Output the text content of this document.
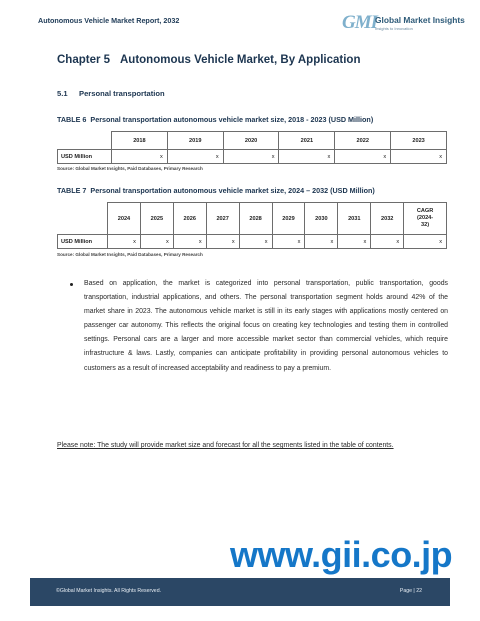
Autonomous Vehicle Market Report, 2032	GMI
Global Market Insights
Insights to Innovation
Chapter 5 Autonomous Vehicle Market, By Application
5.1 Personal transportation
TABLE 6 Personal transportation autonomous vehicle market size, 2018 - 2023 (USD Million)
	2018	2019	2020	2021	2022	2023
USD Million	x	x	x	x	x	x
Source: Global Market Insights, Paid Databases, Primary Research
TABLE 7 Personal transportation autonomous vehicle market size, 2024 – 2032 (USD Million)
	2024	2025	2026	2027	2028	2029	2030	2031	2032	CAGR
(2024-
32)
USD Million	x	x	x	x	x	x	x	x	x	x
Source: Global Market Insights, Paid Databases, Primary Research

Based on application, the market is categorized into personal transportation, public transportation, goods transportation, industrial applications, and others. The personal transportation segment holds around 42% of the market share in 2023. The autonomous vehicle market is still in its early stages with applications mostly centered on passenger car autonomy. This reflects the original focus on creating key technologies and testing them in controlled settings. Personal cars are a larger and more accessible market sector than commercial vehicles, which require infrastructure & laws. Lastly, companies can anticipate profitability in providing personal autonomous vehicles to customers as a result of increased acceptability and readiness to pay a premium.

Please note: The study will provide market size and forecast for all the segments listed in the table of contents.
www.gii.co.jp
©Global Market Insights. All Rights Reserved.	Page | 22
